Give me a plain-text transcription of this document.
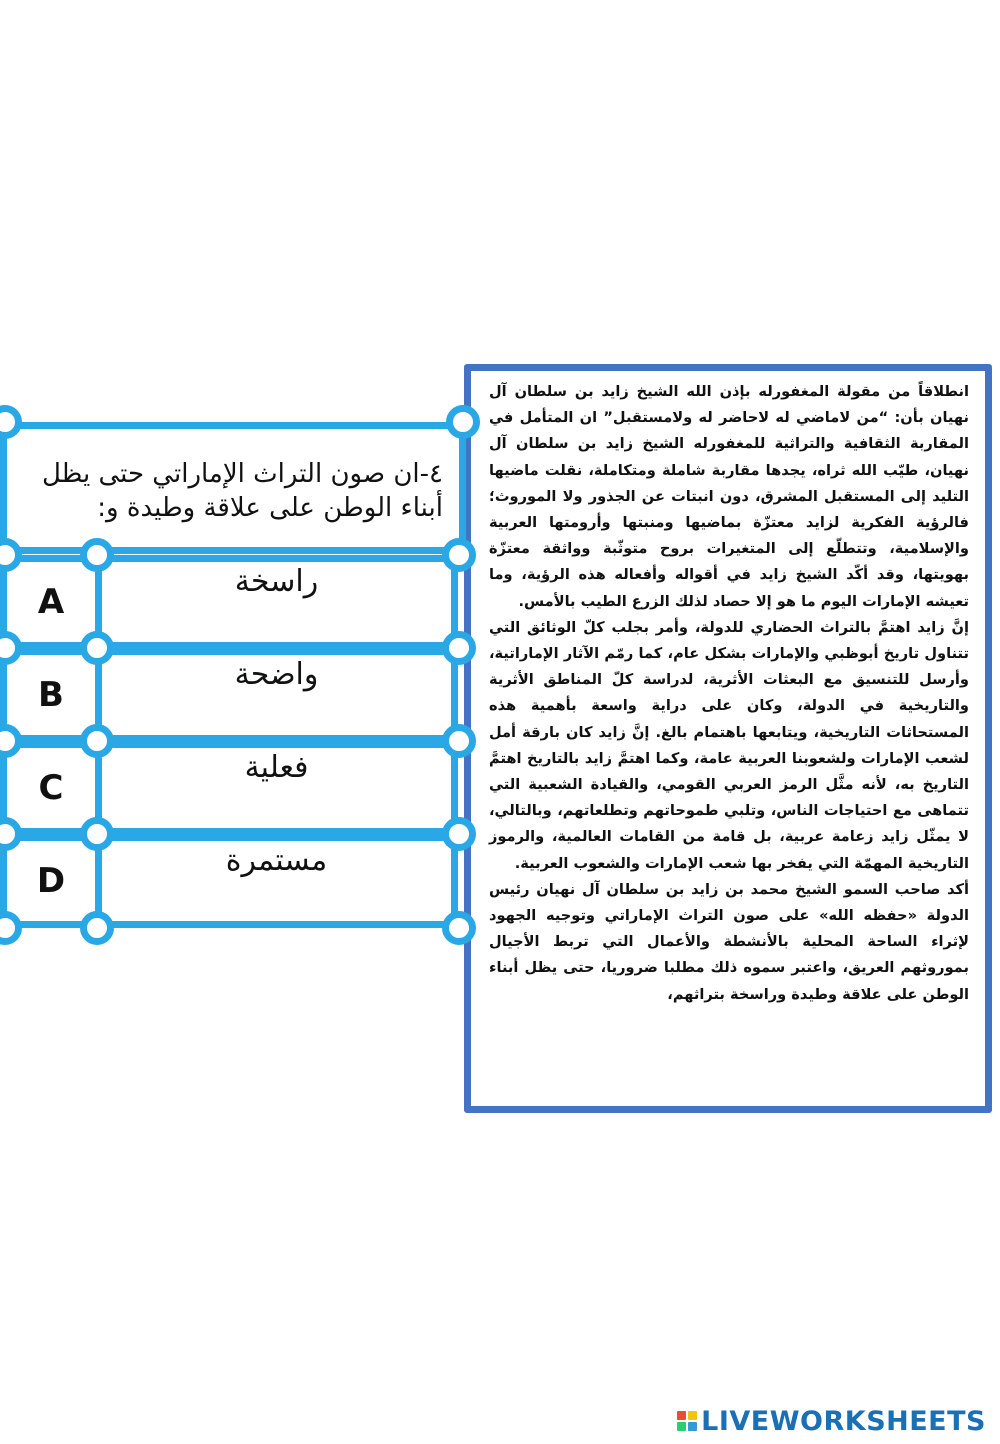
انطلاقاً من مقولة المغفورله بإذن الله الشيخ زايد بن سلطان آل نهيان بأن: “من لاماضي له لاحاضر له ولامستقبل” ان المتأمل في المقاربة الثقافية والتراثية للمغفورله الشيخ زايد بن سلطان آل نهيان، طيّب الله ثراه، يجدها مقاربة شاملة ومتكاملة، نقلت ماضيها التليد إلى المستقبل المشرق، دون انبتات عن الجذور ولا الموروث؛ فالرؤية الفكرية لزايد معتزّة بماضيها ومنبتها وأرومتها العربية والإسلامية، وتتطلّع إلى المتغيرات بروح متوثّبة وواثقة معتزّة بهويتها، وقد أكّد الشيخ زايد في أقواله وأفعاله هذه الرؤية، وما تعيشه الإمارات اليوم ما هو إلا حصاد لذلك الزرع الطيب بالأمس.

إنَّ زايد اهتمَّ بالتراث الحضاري للدولة، وأمر بجلب كلّ الوثائق التي تتناول تاريخ أبوظبي والإمارات بشكل عام، كما رمّم الآثار الإماراتية، وأرسل للتنسيق مع البعثات الأثرية، لدراسة كلّ المناطق الأثرية والتاريخية في الدولة، وكان على دراية واسعة بأهمية هذه المستحاثات التاريخية، ويتابعها باهتمام بالغ. إنَّ زايد كان بارقة أمل لشعب الإمارات ولشعوبنا العربية عامة، وكما اهتمَّ زايد بالتاريخ اهتمَّ التاريخ به، لأنه مثَّل الرمز العربي القومي، والقيادة الشعبية التي تتماهى مع احتياجات الناس، وتلبي طموحاتهم وتطلعاتهم، وبالتالي، لا يمثّل زايد زعامة عربية، بل قامة من القامات العالمية، والرموز التاريخية المهمّة التي يفخر بها شعب الإمارات والشعوب العربية.

أكد صاحب السمو الشيخ محمد بن زايد بن سلطان آل نهيان رئيس الدولة «حفظه الله» على صون التراث الإماراتي وتوجيه الجهود لإثراء الساحة المحلية بالأنشطة والأعمال التي تربط الأجيال بموروثهم العريق، واعتبر سموه ذلك مطلبا ضروريا، حتى يظل أبناء الوطن على علاقة وطيدة وراسخة بتراثهم،

٤-ان صون التراث الإماراتي حتى يظل أبناء الوطن على علاقة وطيدة و:
A
راسخة
B
واضحة
C
فعلية
D
مستمرة
LIVEWORKSHEETS
